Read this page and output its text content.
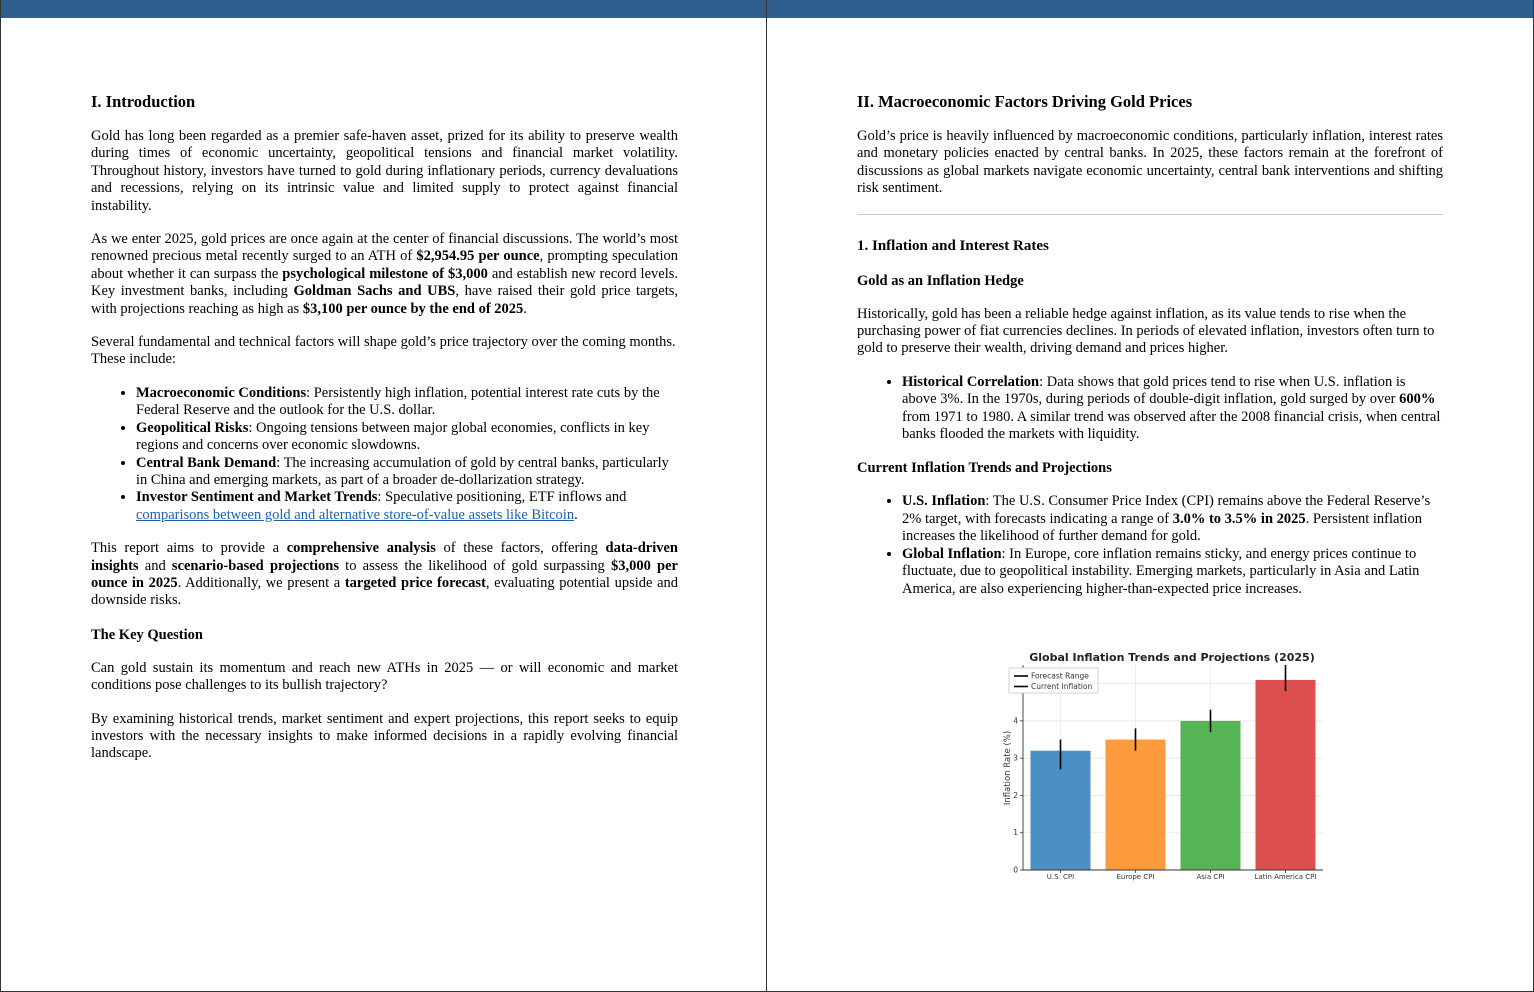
I. Introduction

Gold has long been regarded as a premier safe-haven asset, prized for its ability to preserve wealth during times of economic uncertainty, geopolitical tensions and financial market volatility. Throughout history, investors have turned to gold during inflationary periods, currency devaluations and recessions, relying on its intrinsic value and limited supply to protect against financial instability.

As we enter 2025, gold prices are once again at the center of financial discussions. The world’s most renowned precious metal recently surged to an ATH of $2,954.95 per ounce, prompting speculation about whether it can surpass the psychological milestone of $3,000 and establish new record levels. Key investment banks, including Goldman Sachs and UBS, have raised their gold price targets, with projections reaching as high as $3,100 per ounce by the end of 2025.

Several fundamental and technical factors will shape gold’s price trajectory over the coming months. These include:

• Macroeconomic Conditions: Persistently high inflation, potential interest rate cuts by the Federal Reserve and the outlook for the U.S. dollar.
• Geopolitical Risks: Ongoing tensions between major global economies, conflicts in key regions and concerns over economic slowdowns.
• Central Bank Demand: The increasing accumulation of gold by central banks, particularly in China and emerging markets, as part of a broader de-dollarization strategy.
• Investor Sentiment and Market Trends: Speculative positioning, ETF inflows and comparisons between gold and alternative store-of-value assets like Bitcoin.

This report aims to provide a comprehensive analysis of these factors, offering data-driven insights and scenario-based projections to assess the likelihood of gold surpassing $3,000 per ounce in 2025. Additionally, we present a targeted price forecast, evaluating potential upside and downside risks.

The Key Question

Can gold sustain its momentum and reach new ATHs in 2025 — or will economic and market conditions pose challenges to its bullish trajectory?

By examining historical trends, market sentiment and expert projections, this report seeks to equip investors with the necessary insights to make informed decisions in a rapidly evolving financial landscape.

II. Macroeconomic Factors Driving Gold Prices

Gold’s price is heavily influenced by macroeconomic conditions, particularly inflation, interest rates and monetary policies enacted by central banks. In 2025, these factors remain at the forefront of discussions as global markets navigate economic uncertainty, central bank interventions and shifting risk sentiment.

1. Inflation and Interest Rates
Gold as an Inflation Hedge

Historically, gold has been a reliable hedge against inflation, as its value tends to rise when the purchasing power of fiat currencies declines. In periods of elevated inflation, investors often turn to gold to preserve their wealth, driving demand and prices higher.

• Historical Correlation: Data shows that gold prices tend to rise when U.S. inflation is above 3%. In the 1970s, during periods of double-digit inflation, gold surged by over 600% from 1971 to 1980. A similar trend was observed after the 2008 financial crisis, when central banks flooded the markets with liquidity.
Current Inflation Trends and Projections
• U.S. Inflation: The U.S. Consumer Price Index (CPI) remains above the Federal Reserve’s 2% target, with forecasts indicating a range of 3.0% to 3.5% in 2025. Persistent inflation increases the likelihood of further demand for gold.
• Global Inflation: In Europe, core inflation remains sticky, and energy prices continue to fluctuate, due to geopolitical instability. Emerging markets, particularly in Asia and Latin America, are also experiencing higher-than-expected price increases.
Global Inflation Trends and Projections (2025)
Inflation Rate (%)
0
1
2
3
4
U.S. CPI	Europe CPI	Asia CPI	Latin America CPI
Forecast Range
Current Inflation
